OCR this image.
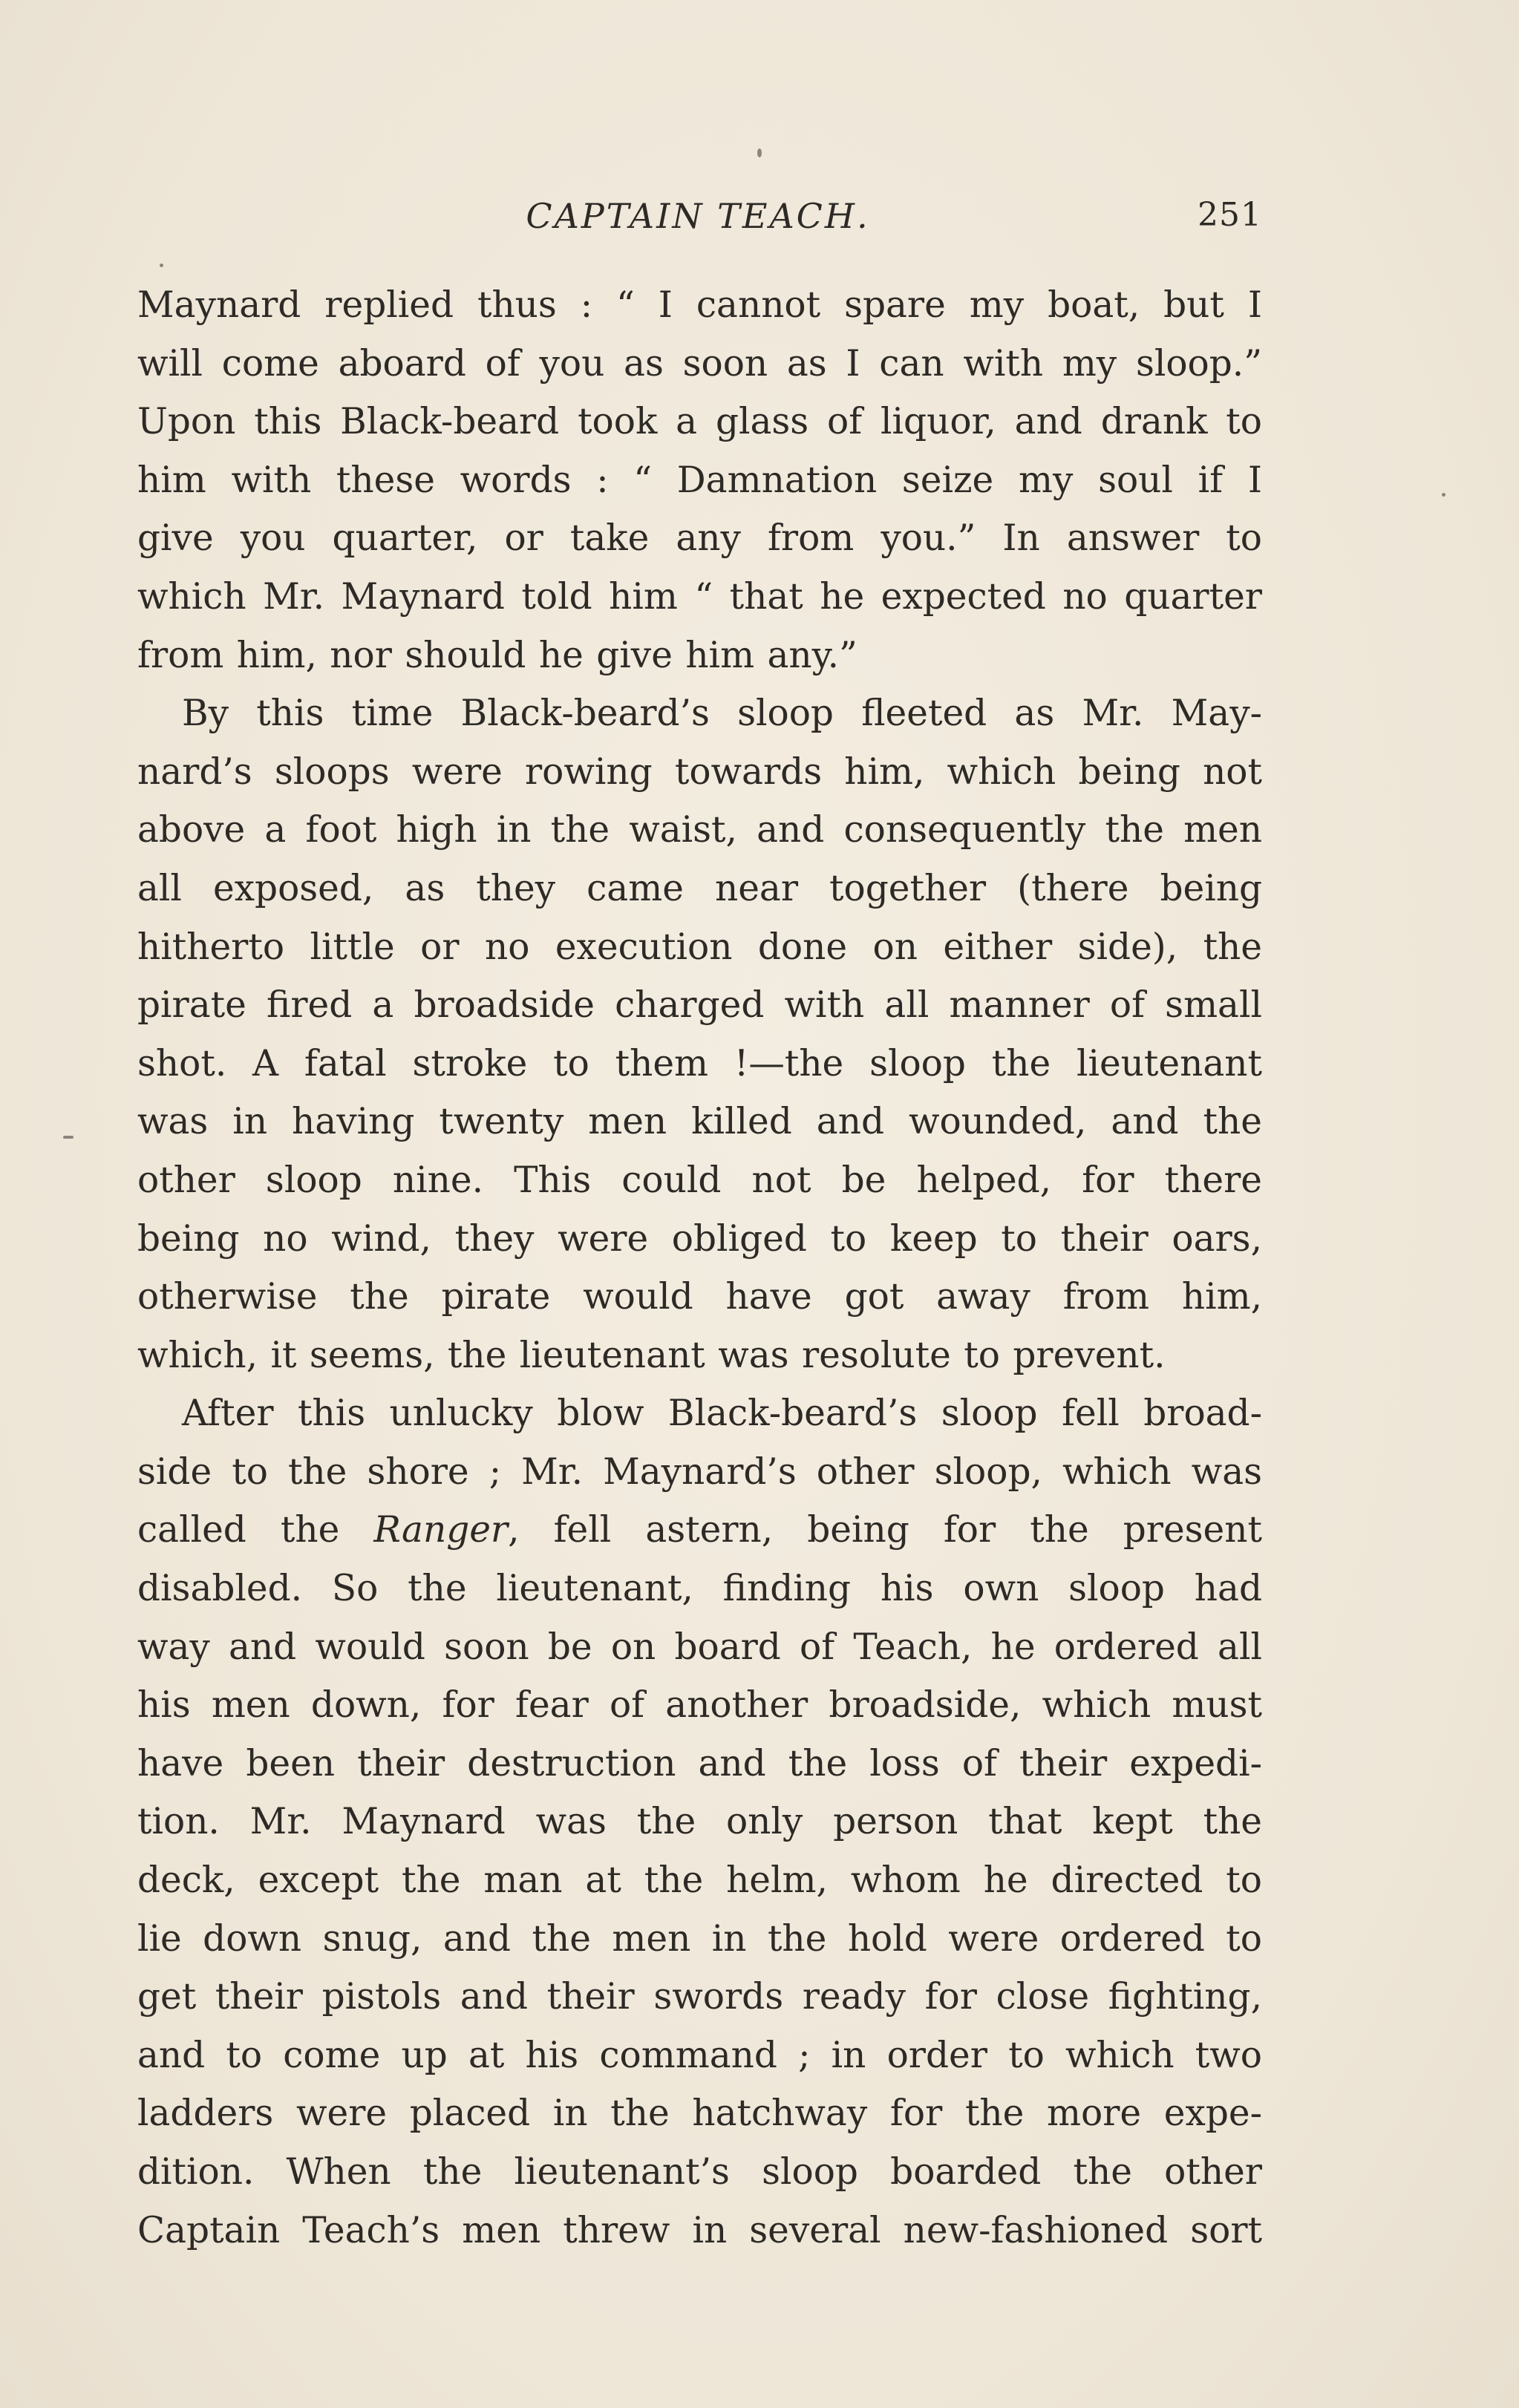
CAPTAIN TEACH.	251
Maynard replied thus : “ I cannot spare my boat, but I
will come aboard of you as soon as I can with my sloop.”
Upon this Black-beard took a glass of liquor, and drank to
him with these words : “ Damnation seize my soul if I
give you quarter, or take any from you.” In answer to
which Mr. Maynard told him “ that he expected no quarter
from him, nor should he give him any.”
By this time Black-beard’s sloop fleeted as Mr. May-
nard’s sloops were rowing towards him, which being not
above a foot high in the waist, and consequently the men
all exposed, as they came near together (there being
hitherto little or no execution done on either side), the
pirate fired a broadside charged with all manner of small
shot. A fatal stroke to them !—the sloop the lieutenant
was in having twenty men killed and wounded, and the
other sloop nine. This could not be helped, for there
being no wind, they were obliged to keep to their oars,
otherwise the pirate would have got away from him,
which, it seems, the lieutenant was resolute to prevent.
After this unlucky blow Black-beard’s sloop fell broad-
side to the shore ; Mr. Maynard’s other sloop, which was
called the Ranger, fell astern, being for the present
disabled. So the lieutenant, finding his own sloop had
way and would soon be on board of Teach, he ordered all
his men down, for fear of another broadside, which must
have been their destruction and the loss of their expedi-
tion. Mr. Maynard was the only person that kept the
deck, except the man at the helm, whom he directed to
lie down snug, and the men in the hold were ordered to
get their pistols and their swords ready for close fighting,
and to come up at his command ; in order to which two
ladders were placed in the hatchway for the more expe-
dition. When the lieutenant’s sloop boarded the other
Captain Teach’s men threw in several new-fashioned sort
